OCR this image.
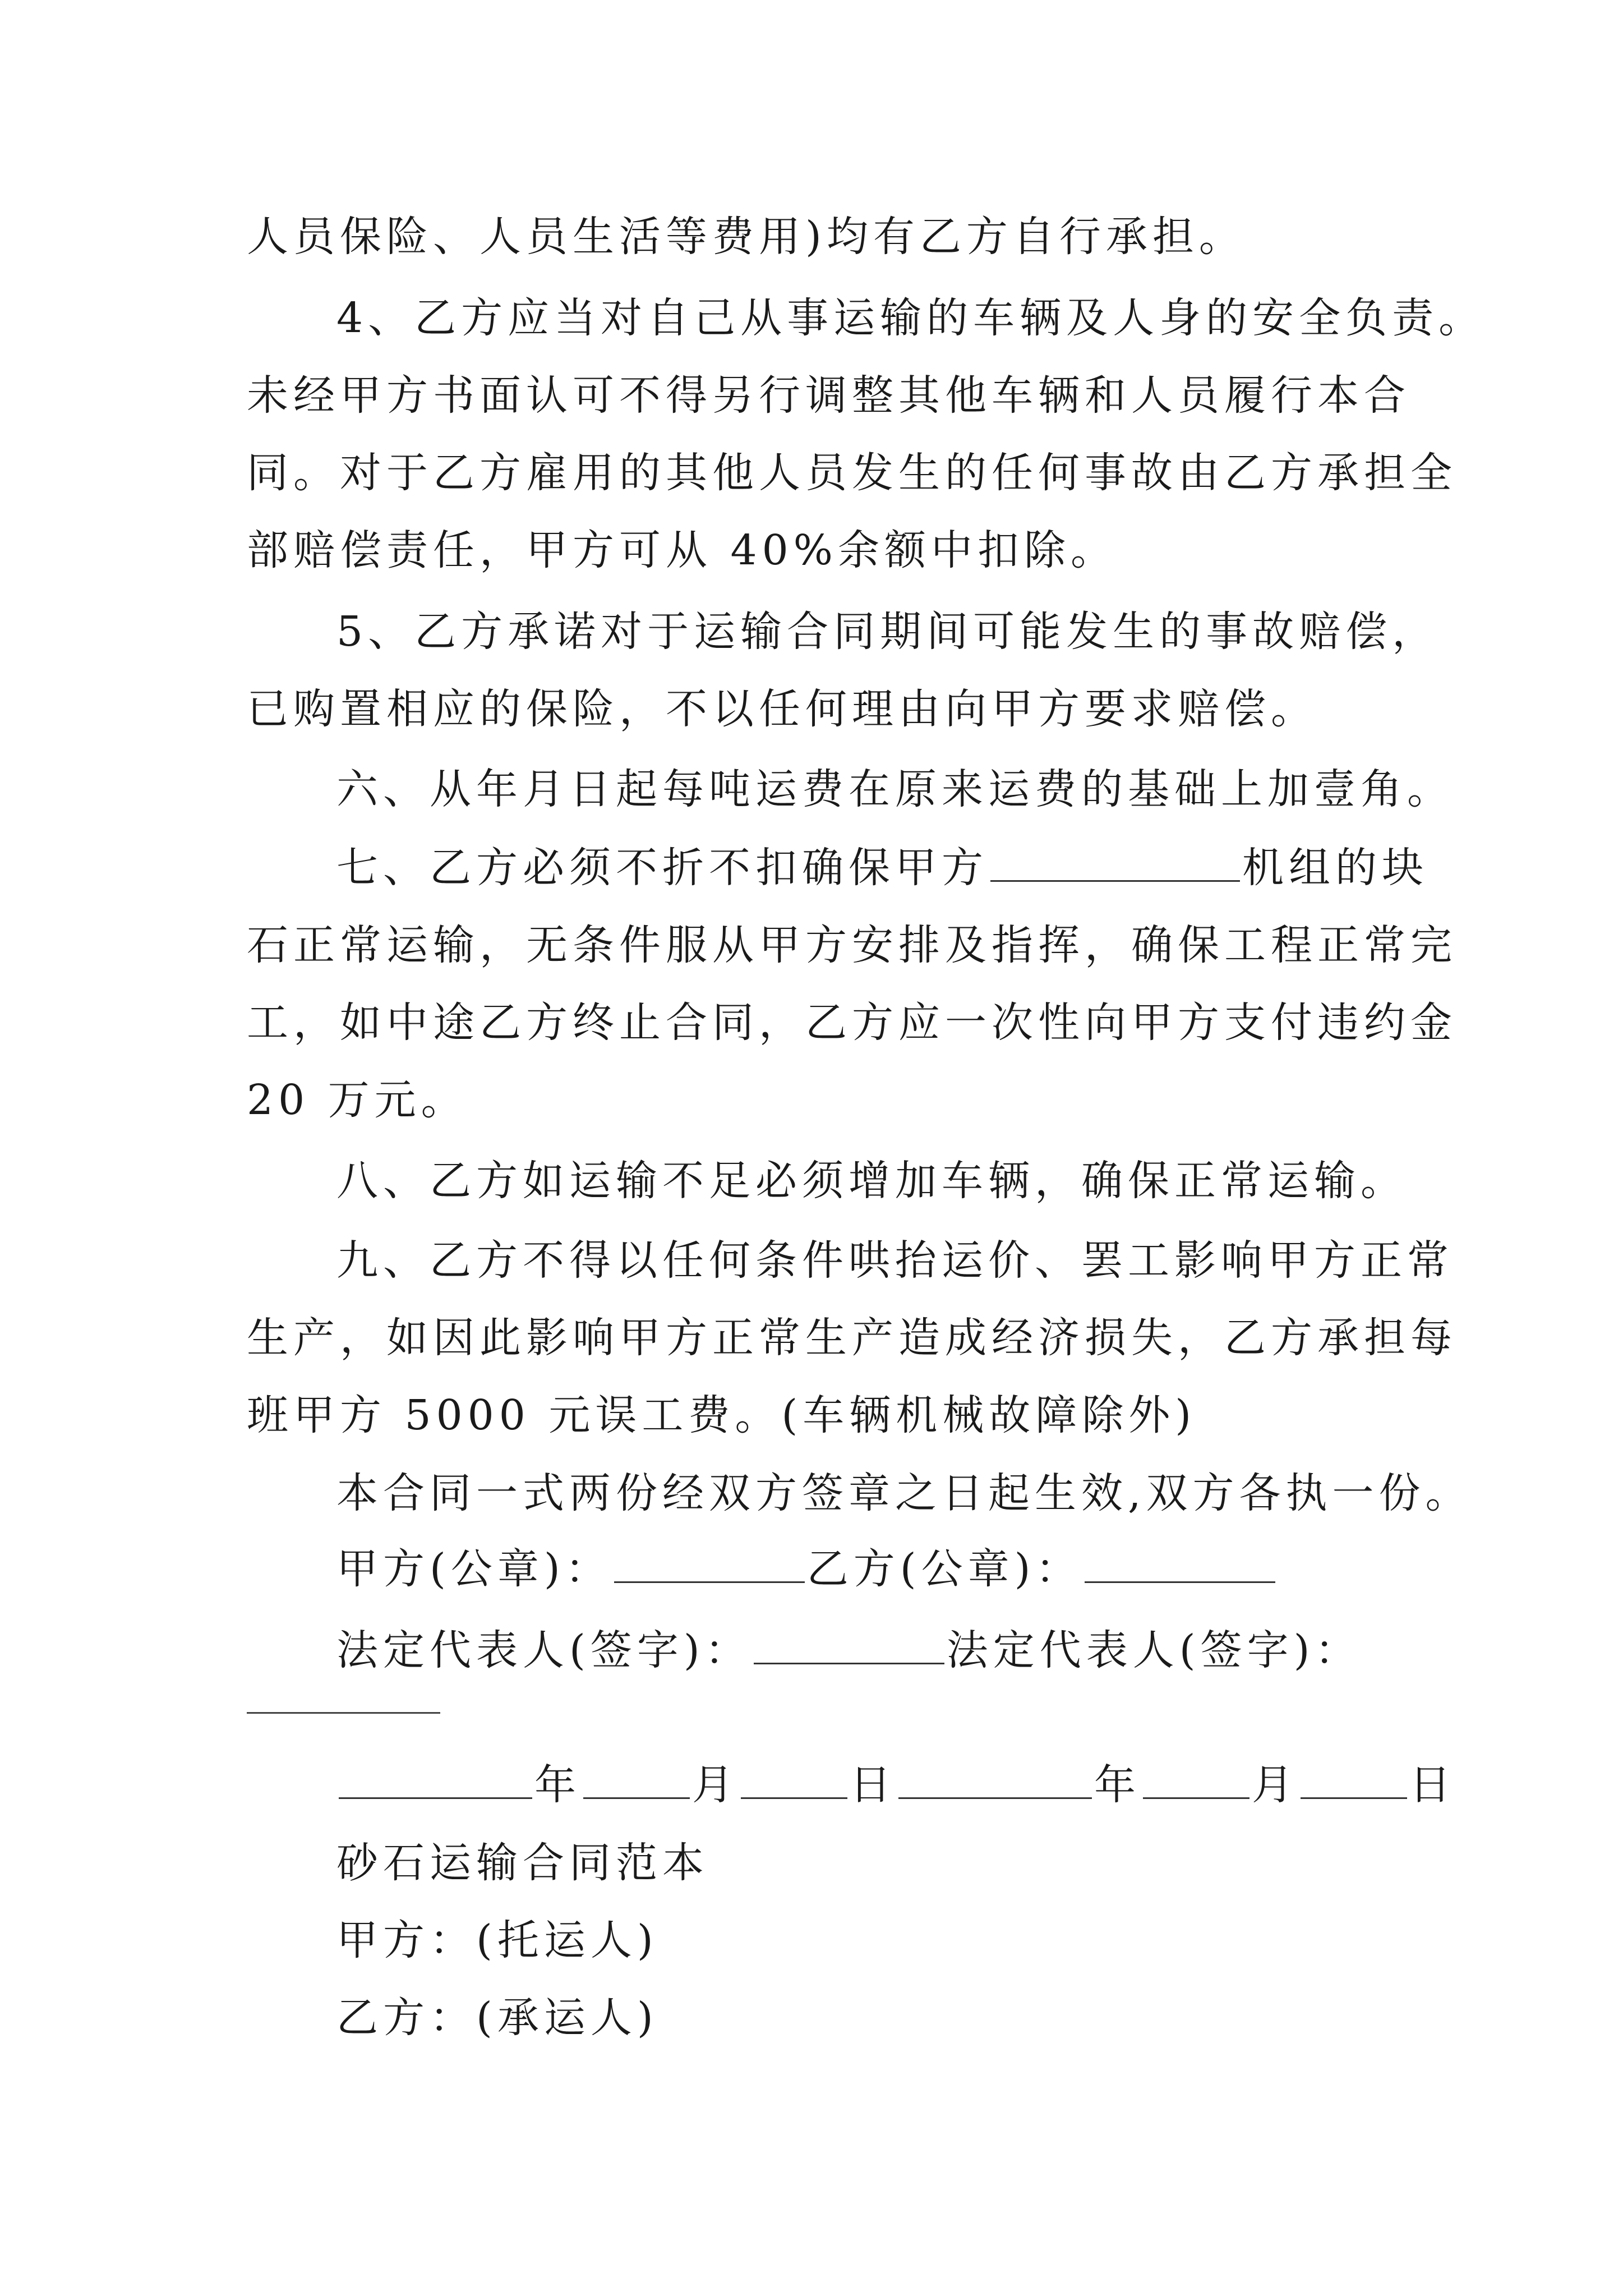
人员保险、人员生活等费用)均有乙方自行承担。
4、乙方应当对自己从事运输的车辆及人身的安全负责。
未经甲方书面认可不得另行调整其他车辆和人员履行本合
同。对于乙方雇用的其他人员发生的任何事故由乙方承担全
部赔偿责任，甲方可从 40%余额中扣除。
5、乙方承诺对于运输合同期间可能发生的事故赔偿，
已购置相应的保险，不以任何理由向甲方要求赔偿。
六、从年月日起每吨运费在原来运费的基础上加壹角。
七、乙方必须不折不扣确保甲方	机组的块
石正常运输，无条件服从甲方安排及指挥，确保工程正常完
工，如中途乙方终止合同，乙方应一次性向甲方支付违约金
20 万元。
八、乙方如运输不足必须增加车辆，确保正常运输。
九、乙方不得以任何条件哄抬运价、罢工影响甲方正常
生产，如因此影响甲方正常生产造成经济损失，乙方承担每
班甲方 5000 元误工费。(车辆机械故障除外)
本合同一式两份经双方签章之日起生效,双方各执一份。
甲方(公章)：	乙方(公章)：
法定代表人(签字)：	法定代表人(签字)：
年	月	日	年	月	日
砂石运输合同范本
甲方：(托运人)
乙方：(承运人)
